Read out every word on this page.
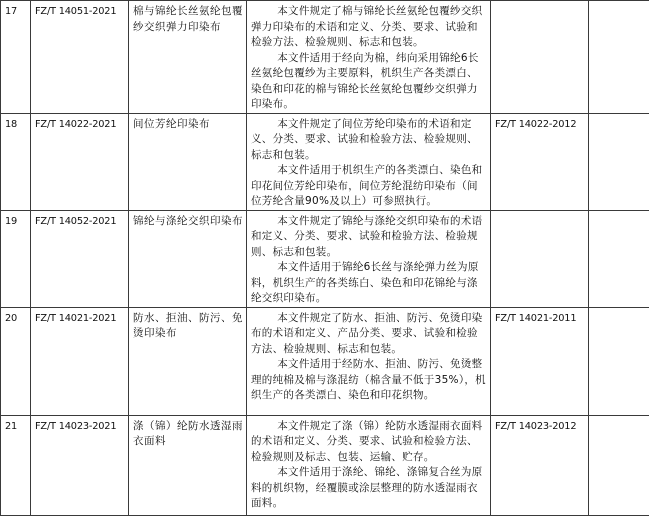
17	FZ/T 14051-2021	棉与锦纶长丝氨纶包覆纱交织弹力印染布	本文件规定了棉与锦纶长丝氨纶包覆纱交织弹力印染布的术语和定义、分类、要求、试验和检验方法、检验规则、标志和包装。

本文件适用于经向为棉，纬向采用锦纶6长丝氨纶包覆纱为主要原料，机织生产各类漂白、染色和印花的棉与锦纶长丝氨纶包覆纱交织弹力印染布。		

18	FZ/T 14022-2021	间位芳纶印染布	本文件规定了间位芳纶印染布的术语和定义、分类、要求、试验和检验方法、检验规则、标志和包装。

本文件适用于机织生产的各类漂白、染色和印花间位芳纶印染布，间位芳纶混纺印染布（间位芳纶含量90%及以上）可参照执行。	FZ/T 14022-2012	
19	FZ/T 14052-2021	锦纶与涤纶交织印染布	本文件规定了锦纶与涤纶交织印染布的术语和定义、分类、要求、试验和检验方法、检验规则、标志和包装。

本文件适用于锦纶6长丝与涤纶弹力丝为原料，机织生产的各类练白、染色和印花锦纶与涤纶交织印染布。		

20	FZ/T 14021-2021	防水、拒油、防污、免烫印染布	本文件规定了防水、拒油、防污、免烫印染布的术语和定义、产品分类、要求、试验和检验方法、检验规则、标志和包装。

本文件适用于经防水、拒油、防污、免烫整理的纯棉及棉与涤混纺（棉含量不低于35%），机织生产的各类漂白、染色和印花织物。	FZ/T 14021-2011	
21	FZ/T 14023-2021	涤（锦）纶防水透湿雨衣面料	本文件规定了涤（锦）纶防水透湿雨衣面料的术语和定义、分类、要求、试验和检验方法、检验规则及标志、包装、运输、贮存。

本文件适用于涤纶、锦纶、涤锦复合丝为原料的机织物，经覆膜或涂层整理的防水透湿雨衣面料。	FZ/T 14023-2012	
